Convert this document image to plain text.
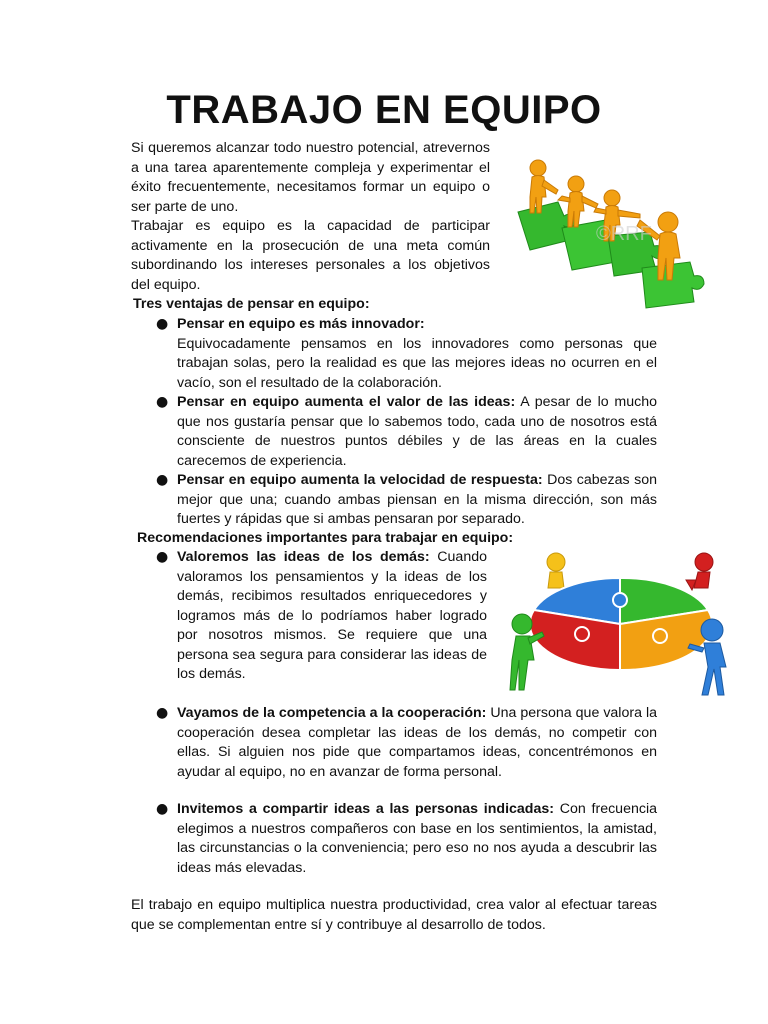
TRABAJO EN EQUIPO
Si queremos alcanzar todo nuestro potencial, atrevernos a una tarea aparentemente compleja y experimentar el éxito frecuentemente, necesitamos formar un equipo o ser parte de uno.
Trabajar es equipo es la capacidad de participar activamente en la prosecución de una meta común subordinando los intereses personales a los objetivos del equipo.
©RRF
Tres ventajas de pensar en equipo:
● Pensar en equipo es más innovador:
Equivocadamente pensamos en los innovadores como personas que trabajan solas, pero la realidad es que las mejores ideas no ocurren en el vacío, son el resultado de la colaboración.
● Pensar en equipo aumenta el valor de las ideas: A pesar de lo mucho que nos gustaría pensar que lo sabemos todo, cada uno de nosotros está consciente de nuestros puntos débiles y de las áreas en la cuales carecemos de experiencia.
● Pensar en equipo aumenta la velocidad de respuesta: Dos cabezas son mejor que una; cuando ambas piensan en la misma dirección, son más fuertes y rápidas que si ambas pensaran por separado.
Recomendaciones importantes para trabajar en equipo:
● Valoremos las ideas de los demás: Cuando valoramos los pensamientos y la ideas de los demás, recibimos resultados enriquecedores y logramos más de lo podríamos haber logrado por nosotros mismos. Se requiere que una persona sea segura para considerar las ideas de los demás.
● Vayamos de la competencia a la cooperación: Una persona que valora la cooperación desea completar las ideas de los demás, no competir con ellas. Si alguien nos pide que compartamos ideas, concentrémonos en ayudar al equipo, no en avanzar de forma personal.
● Invitemos a compartir ideas a las personas indicadas: Con frecuencia elegimos a nuestros compañeros con base en los sentimientos, la amistad, las circunstancias o la conveniencia; pero eso no nos ayuda a descubrir las ideas más elevadas.
El trabajo en equipo multiplica nuestra productividad, crea valor al efectuar tareas que se complementan entre sí y contribuye al desarrollo de todos.
